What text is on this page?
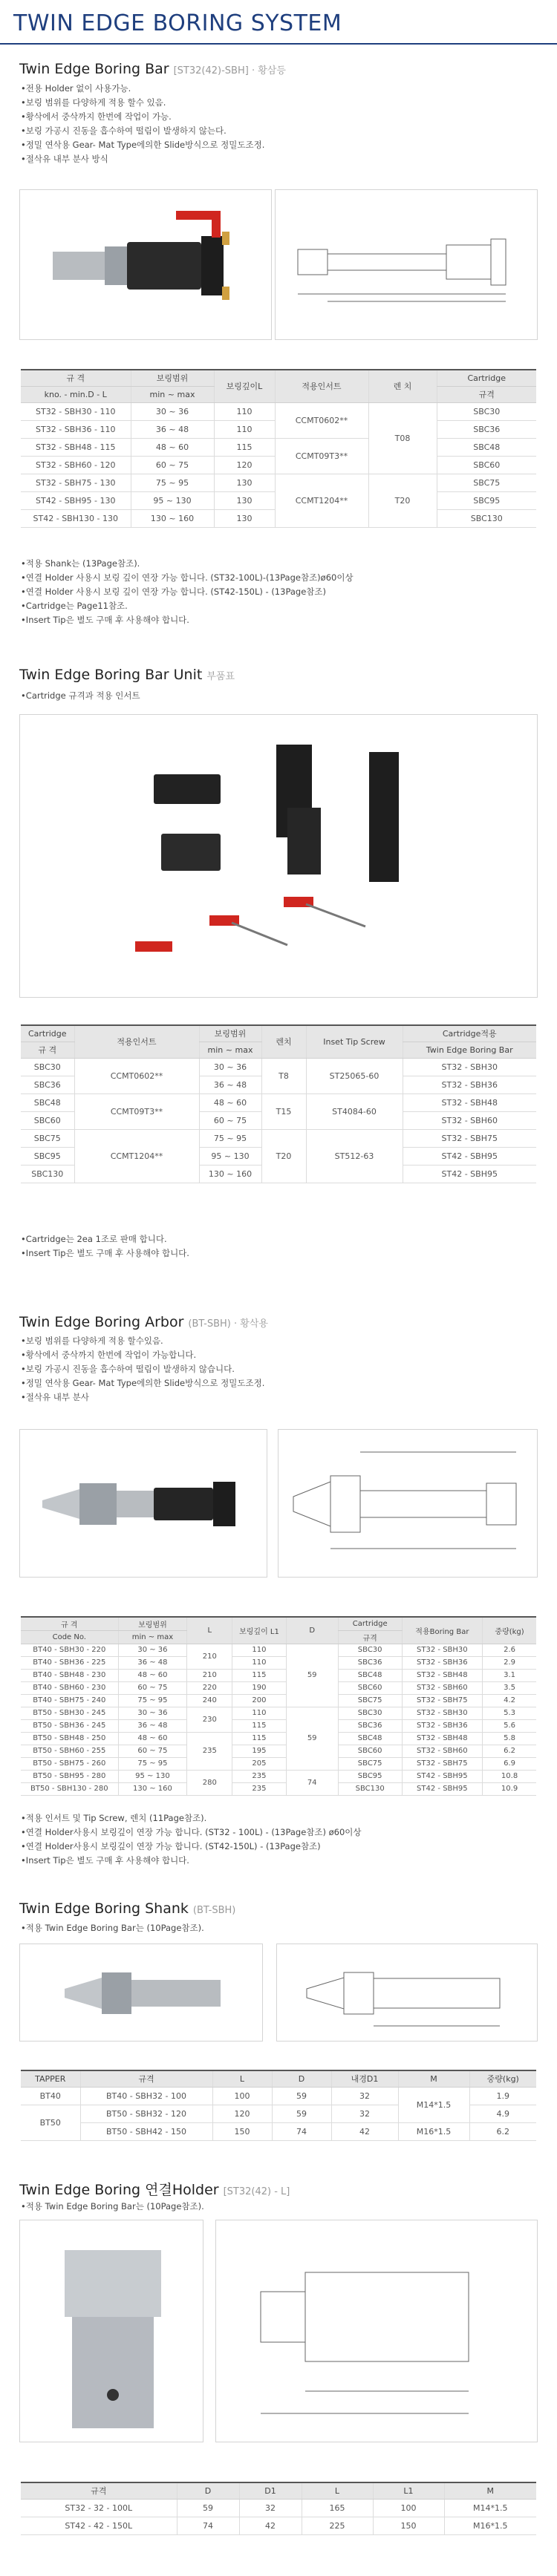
TWIN EDGE BORING SYSTEM
Twin Edge Boring Bar [ST32(42)-SBH] · 황삼등
• 전용 Holder 없이 사용가능.
• 보링 범위를 다양하게 적용 할수 있음.
• 황삭에서 중삭까지 한번에 작업이 가능.
• 보링 가공시 진동을 흡수하여 떨림이 발생하지 않는다.
• 정밀 연삭용 Gear- Mat Type에의한 Slide방식으로 정밀도조정.
• 절삭유 내부 분사 방식
규 격	보링범위	보링깊이L	적용인서트	렌 치	Cartridge
kno. - min.D - L	min ~ max				규격
ST32 - SBH30 - 110	30 ~ 36	110	CCMT0602**	T08	SBC30
ST32 - SBH36 - 110	36 ~ 48	110			SBC36
ST32 - SBH48 - 115	48 ~ 60	115	CCMT09T3**		SBC48
ST32 - SBH60 - 120	60 ~ 75	120			SBC60
ST32 - SBH75 - 130	75 ~ 95	130	CCMT1204**	T20	SBC75
ST42 - SBH95 - 130	95 ~ 130	130			SBC95
ST42 - SBH130 - 130	130 ~ 160	130			SBC130
• 적용 Shank는 (13Page참조).
• 연결 Holder 사용시 보링 깊이 연장 가능 합니다. (ST32-100L)-(13Page참조)ø60이상
• 연결 Holder 사용시 보링 깊이 연장 가능 합니다. (ST42-150L) - (13Page참조)
• Cartridge는 Page11참조.
• Insert Tip은 별도 구매 후 사용해야 합니다.
Twin Edge Boring Bar Unit 부품표
• Cartridge 규격과 적용 인서트
Cartridge	적용인서트	보링범위	렌치	Inset Tip Screw	Cartridge적용
규 격		min ~ max			Twin Edge Boring Bar
SBC30	CCMT0602**	30 ~ 36	T8	ST25065-60	ST32 - SBH30
SBC36		36 ~ 48			ST32 - SBH36
SBC48	CCMT09T3**	48 ~ 60	T15	ST4084-60	ST32 - SBH48
SBC60		60 ~ 75			ST32 - SBH60
SBC75	CCMT1204**	75 ~ 95	T20	ST512-63	ST32 - SBH75
SBC95		95 ~ 130			ST42 - SBH95
SBC130		130 ~ 160			ST42 - SBH95
• Cartridge는 2ea 1조로 판매 합니다.
• Insert Tip은 별도 구매 후 사용해야 합니다.
Twin Edge Boring Arbor (BT-SBH) · 황삭용
• 보링 범위를 다양하게 적용 할수있음.
• 황삭에서 중삭까지 한번에 작업이 가능합니다.
• 보링 가공시 진동을 흡수하여 떨림이 발생하지 않습니다.
• 정밀 연삭용 Gear- Mat Type에의한 Slide방식으로 정밀도조정.
• 절삭유 내부 분사
규 격	보링범위	L	보링깊이 L1	D	Cartridge	적용Boring Bar	중량(kg)
Code No.	min ~ max				규격		
BT40 - SBH30 - 220	30 ~ 36	210	110	59	SBC30	ST32 - SBH30	2.6
BT40 - SBH36 - 225	36 ~ 48		110		SBC36	ST32 - SBH36	2.9
BT40 - SBH48 - 230	48 ~ 60	210	115		SBC48	ST32 - SBH48	3.1
BT40 - SBH60 - 230	60 ~ 75	220	190		SBC60	ST32 - SBH60	3.5
BT40 - SBH75 - 240	75 ~ 95	240	200		SBC75	ST32 - SBH75	4.2
BT50 - SBH30 - 245	30 ~ 36	230	110	59	SBC30	ST32 - SBH30	5.3
BT50 - SBH36 - 245	36 ~ 48		115		SBC36	ST32 - SBH36	5.6
BT50 - SBH48 - 250	48 ~ 60	235	115		SBC48	ST32 - SBH48	5.8
BT50 - SBH60 - 255	60 ~ 75		195		SBC60	ST32 - SBH60	6.2
BT50 - SBH75 - 260	75 ~ 95		205		SBC75	ST32 - SBH75	6.9
BT50 - SBH95 - 280	95 ~ 130	280	235	74	SBC95	ST42 - SBH95	10.8
BT50 - SBH130 - 280	130 ~ 160		235		SBC130	ST42 - SBH95	10.9
• 적용 인서트 및 Tip Screw, 렌치 (11Page참조).
• 연결 Holder사용시 보링깊이 연장 가능 합니다. (ST32 - 100L) - (13Page참조) ø60이상
• 연결 Holder사용시 보링깊이 연장 가능 합니다. (ST42-150L) - (13Page참조)
• Insert Tip은 별도 구매 후 사용해야 합니다.
Twin Edge Boring Shank (BT-SBH)
• 적용 Twin Edge Boring Bar는 (10Page참조).
TAPPER	규격	L	D	내경D1	M	중량(kg)
BT40	BT40 - SBH32 - 100	100	59	32	M14*1.5	1.9
BT50	BT50 - SBH32 - 120	120	59	32		4.9
	BT50 - SBH42 - 150	150	74	42	M16*1.5	6.2
Twin Edge Boring 연결Holder [ST32(42) - L]
• 적용 Twin Edge Boring Bar는 (10Page참조).
규격	D	D1	L	L1	M
ST32 - 32 - 100L	59	32	165	100	M14*1.5
ST42 - 42 - 150L	74	42	225	150	M16*1.5
